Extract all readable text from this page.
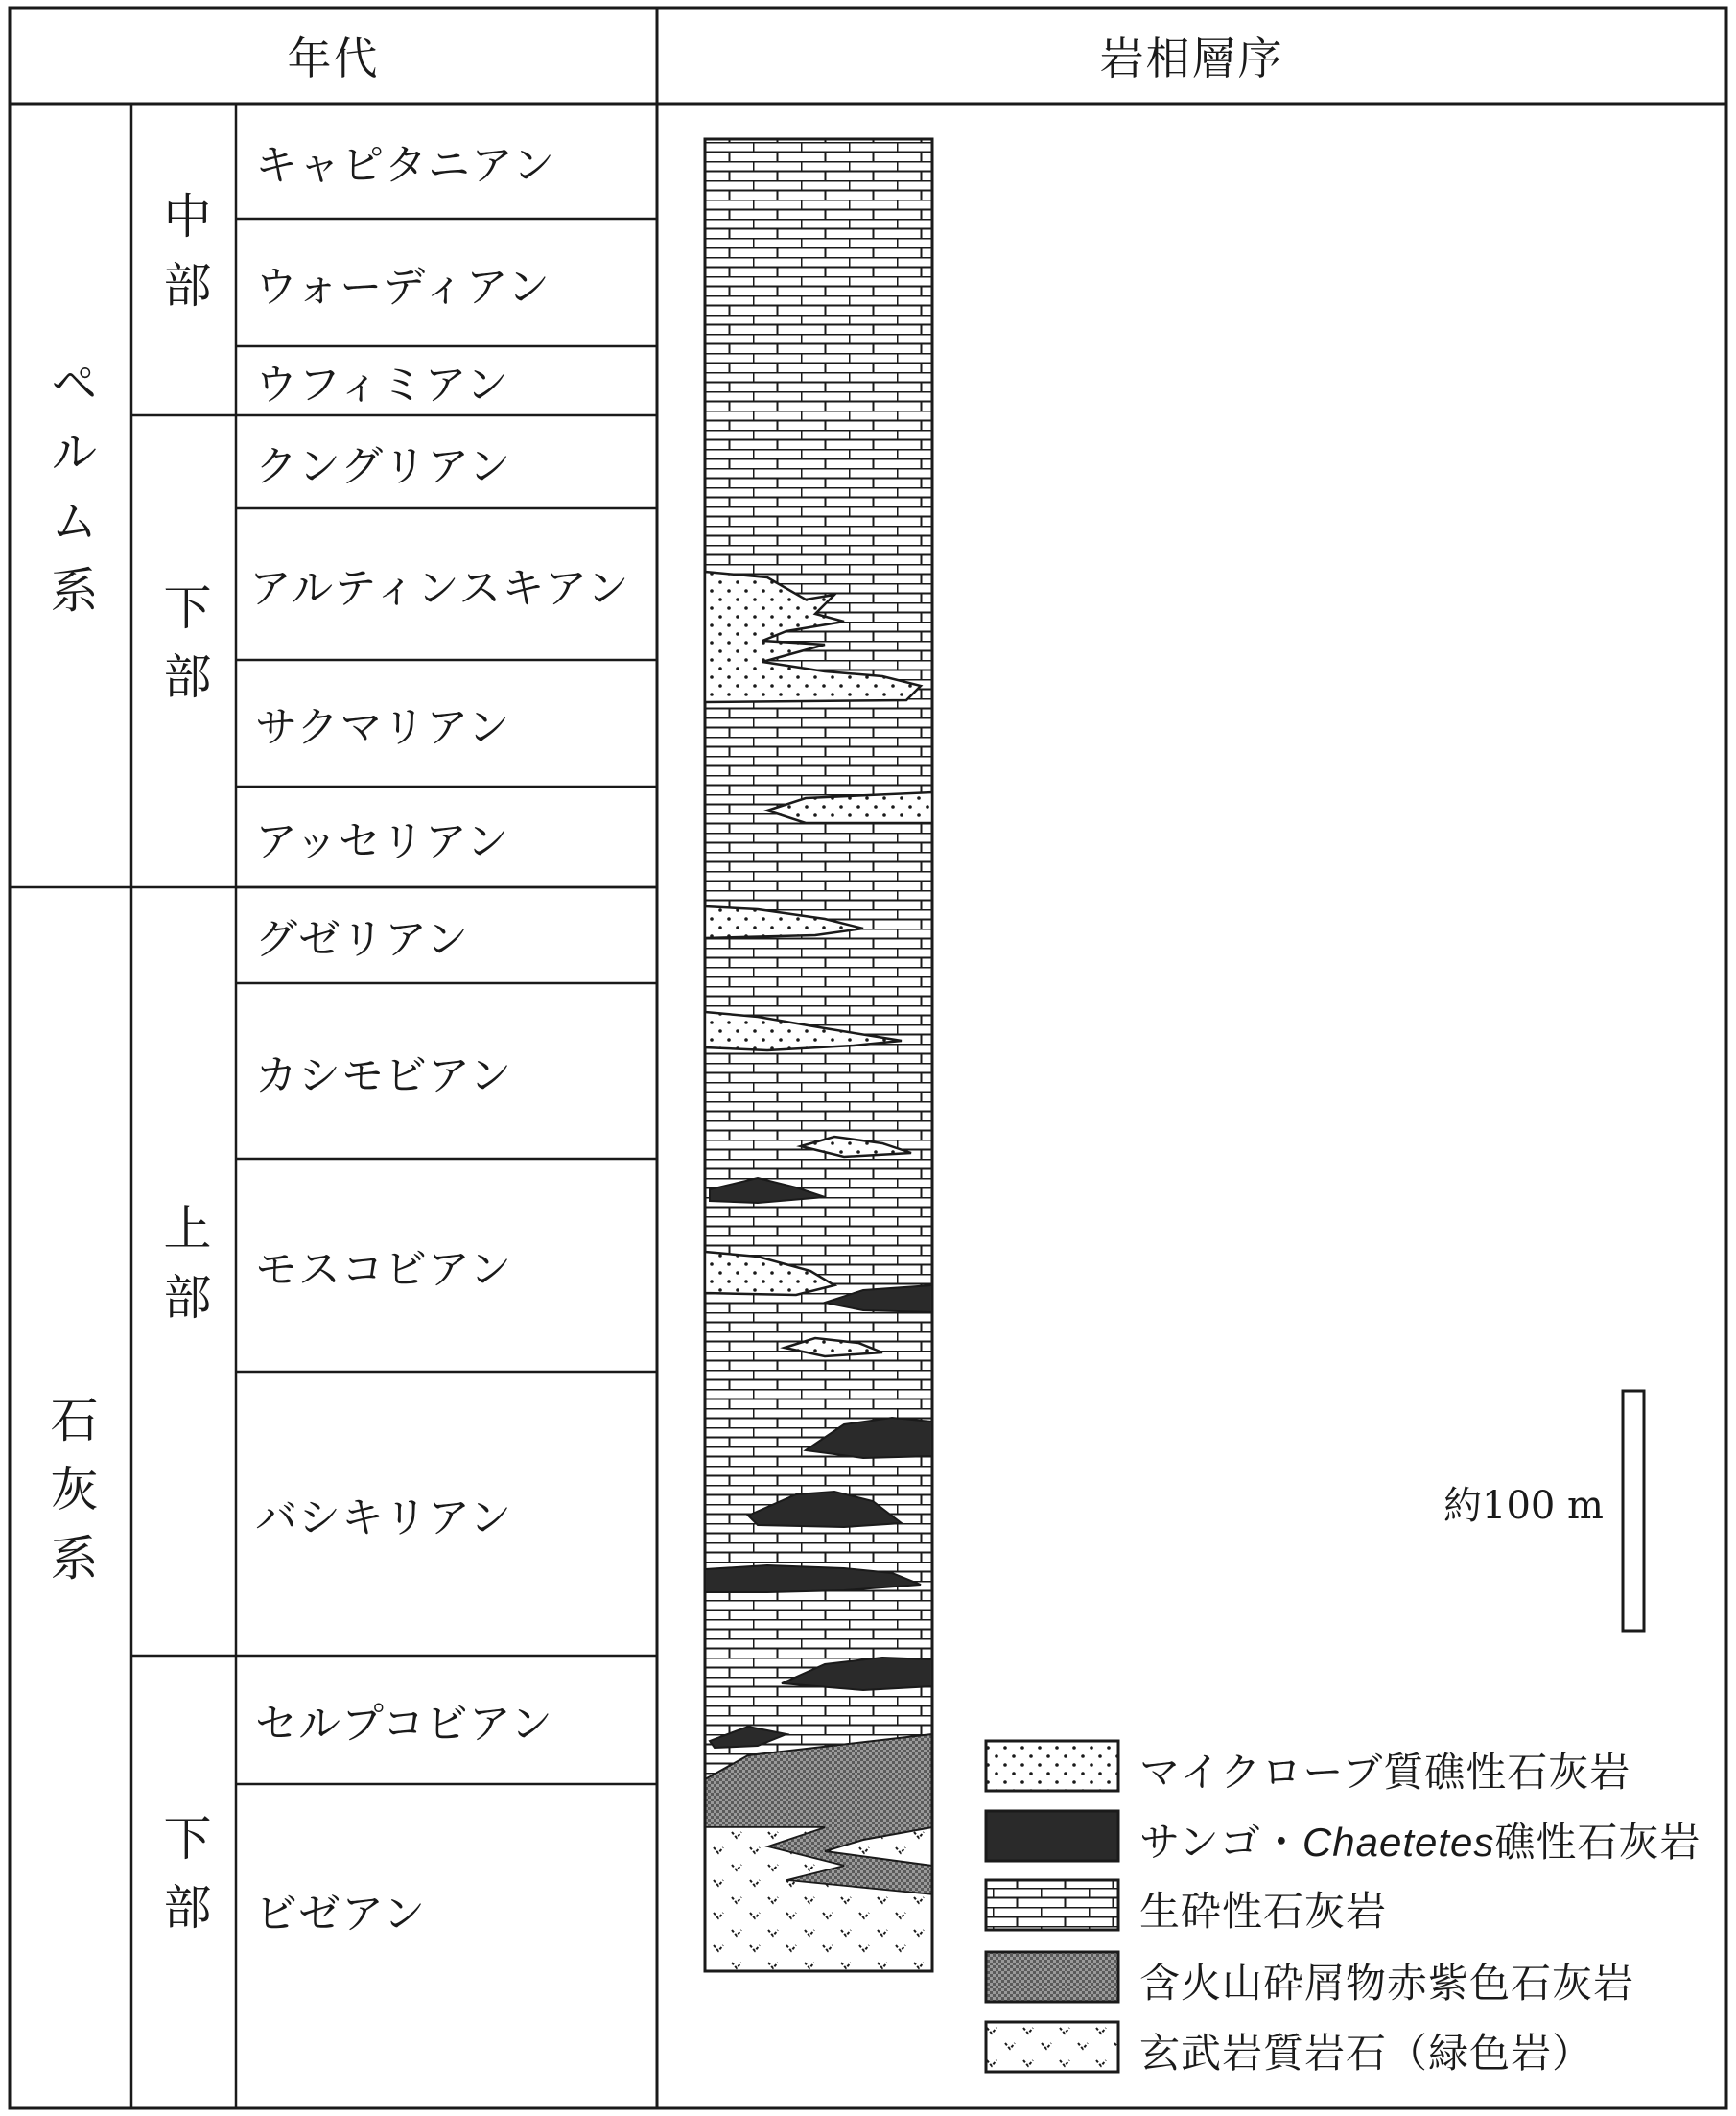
年代	岩相層序
ペルム系
石灰系
中部
下部
上部
下部
キャピタニアン
ウォーディアン
ウフィミアン
クングリアン
アルティンスキアン
サクマリアン
アッセリアン
グゼリアン
カシモビアン
モスコビアン
バシキリアン
セルプコビアン
ビゼアン
約100 m
マイクローブ質礁性石灰岩
サンゴ・Chaetetes礁性石灰岩
生砕性石灰岩
含火山砕屑物赤紫色石灰岩
玄武岩質岩石（緑色岩）
